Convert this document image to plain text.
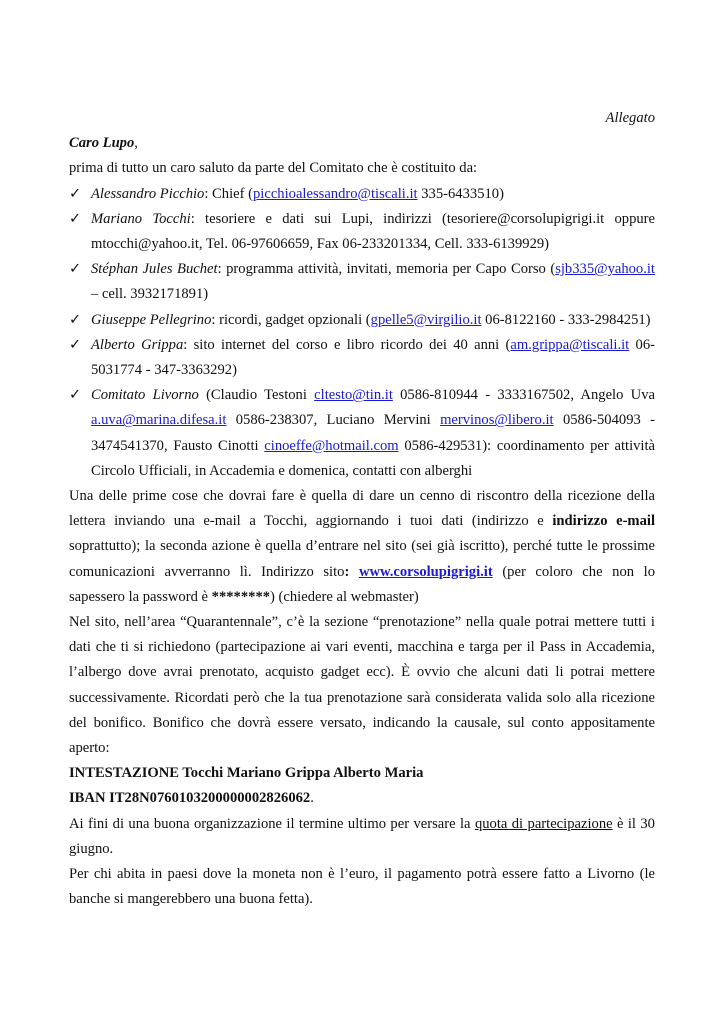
Allegato

Caro Lupo,

prima di tutto un caro saluto da parte del Comitato che è costituito da:

✓ Alessandro Picchio: Chief (picchioalessandro@tiscali.it 335-6433510)
✓ Mariano Tocchi: tesoriere e dati sui Lupi, indirizzi (tesoriere@corsolupigrigi.it oppure mtocchi@yahoo.it, Tel. 06-97606659, Fax 06-233201334, Cell. 333-6139929)
✓ Stéphan Jules Buchet: programma attività, invitati, memoria per Capo Corso (sjb335@yahoo.it – cell. 3932171891)
✓ Giuseppe Pellegrino: ricordi, gadget opzionali (gpelle5@virgilio.it 06-8122160 - 333-2984251)
✓ Alberto Grippa: sito internet del corso e libro ricordo dei 40 anni (am.grippa@tiscali.it 06-5031774 - 347-3363292)
✓ Comitato Livorno (Claudio Testoni cltesto@tin.it 0586-810944 - 3333167502, Angelo Uva a.uva@marina.difesa.it 0586-238307, Luciano Mervini mervinos@libero.it 0586-504093 - 3474541370, Fausto Cinotti cinoeffe@hotmail.com 0586-429531): coordinamento per attività Circolo Ufficiali, in Accademia e domenica, contatti con alberghi

Una delle prime cose che dovrai fare è quella di dare un cenno di riscontro della ricezione della lettera inviando una e-mail a Tocchi, aggiornando i tuoi dati (indirizzo e indirizzo e-mail soprattutto); la seconda azione è quella d’entrare nel sito (sei già iscritto), perché tutte le prossime comunicazioni avverranno lì. Indirizzo sito: www.corsolupigrigi.it (per coloro che non lo sapessero la password è ********) (chiedere al webmaster)

Nel sito, nell’area “Quarantennale”, c’è la sezione “prenotazione” nella quale potrai mettere tutti i dati che ti si richiedono (partecipazione ai vari eventi, macchina e targa per il Pass in Accademia, l’albergo dove avrai prenotato, acquisto gadget ecc). È ovvio che alcuni dati li potrai mettere successivamente. Ricordati però che la tua prenotazione sarà considerata valida solo alla ricezione del bonifico. Bonifico che dovrà essere versato, indicando la causale, sul conto appositamente aperto:

INTESTAZIONE Tocchi Mariano Grippa Alberto Maria

IBAN IT28N0760103200000002826062.

Ai fini di una buona organizzazione il termine ultimo per versare la quota di partecipazione è il 30 giugno.

Per chi abita in paesi dove la moneta non è l’euro, il pagamento potrà essere fatto a Livorno (le banche si mangerebbero una buona fetta).
